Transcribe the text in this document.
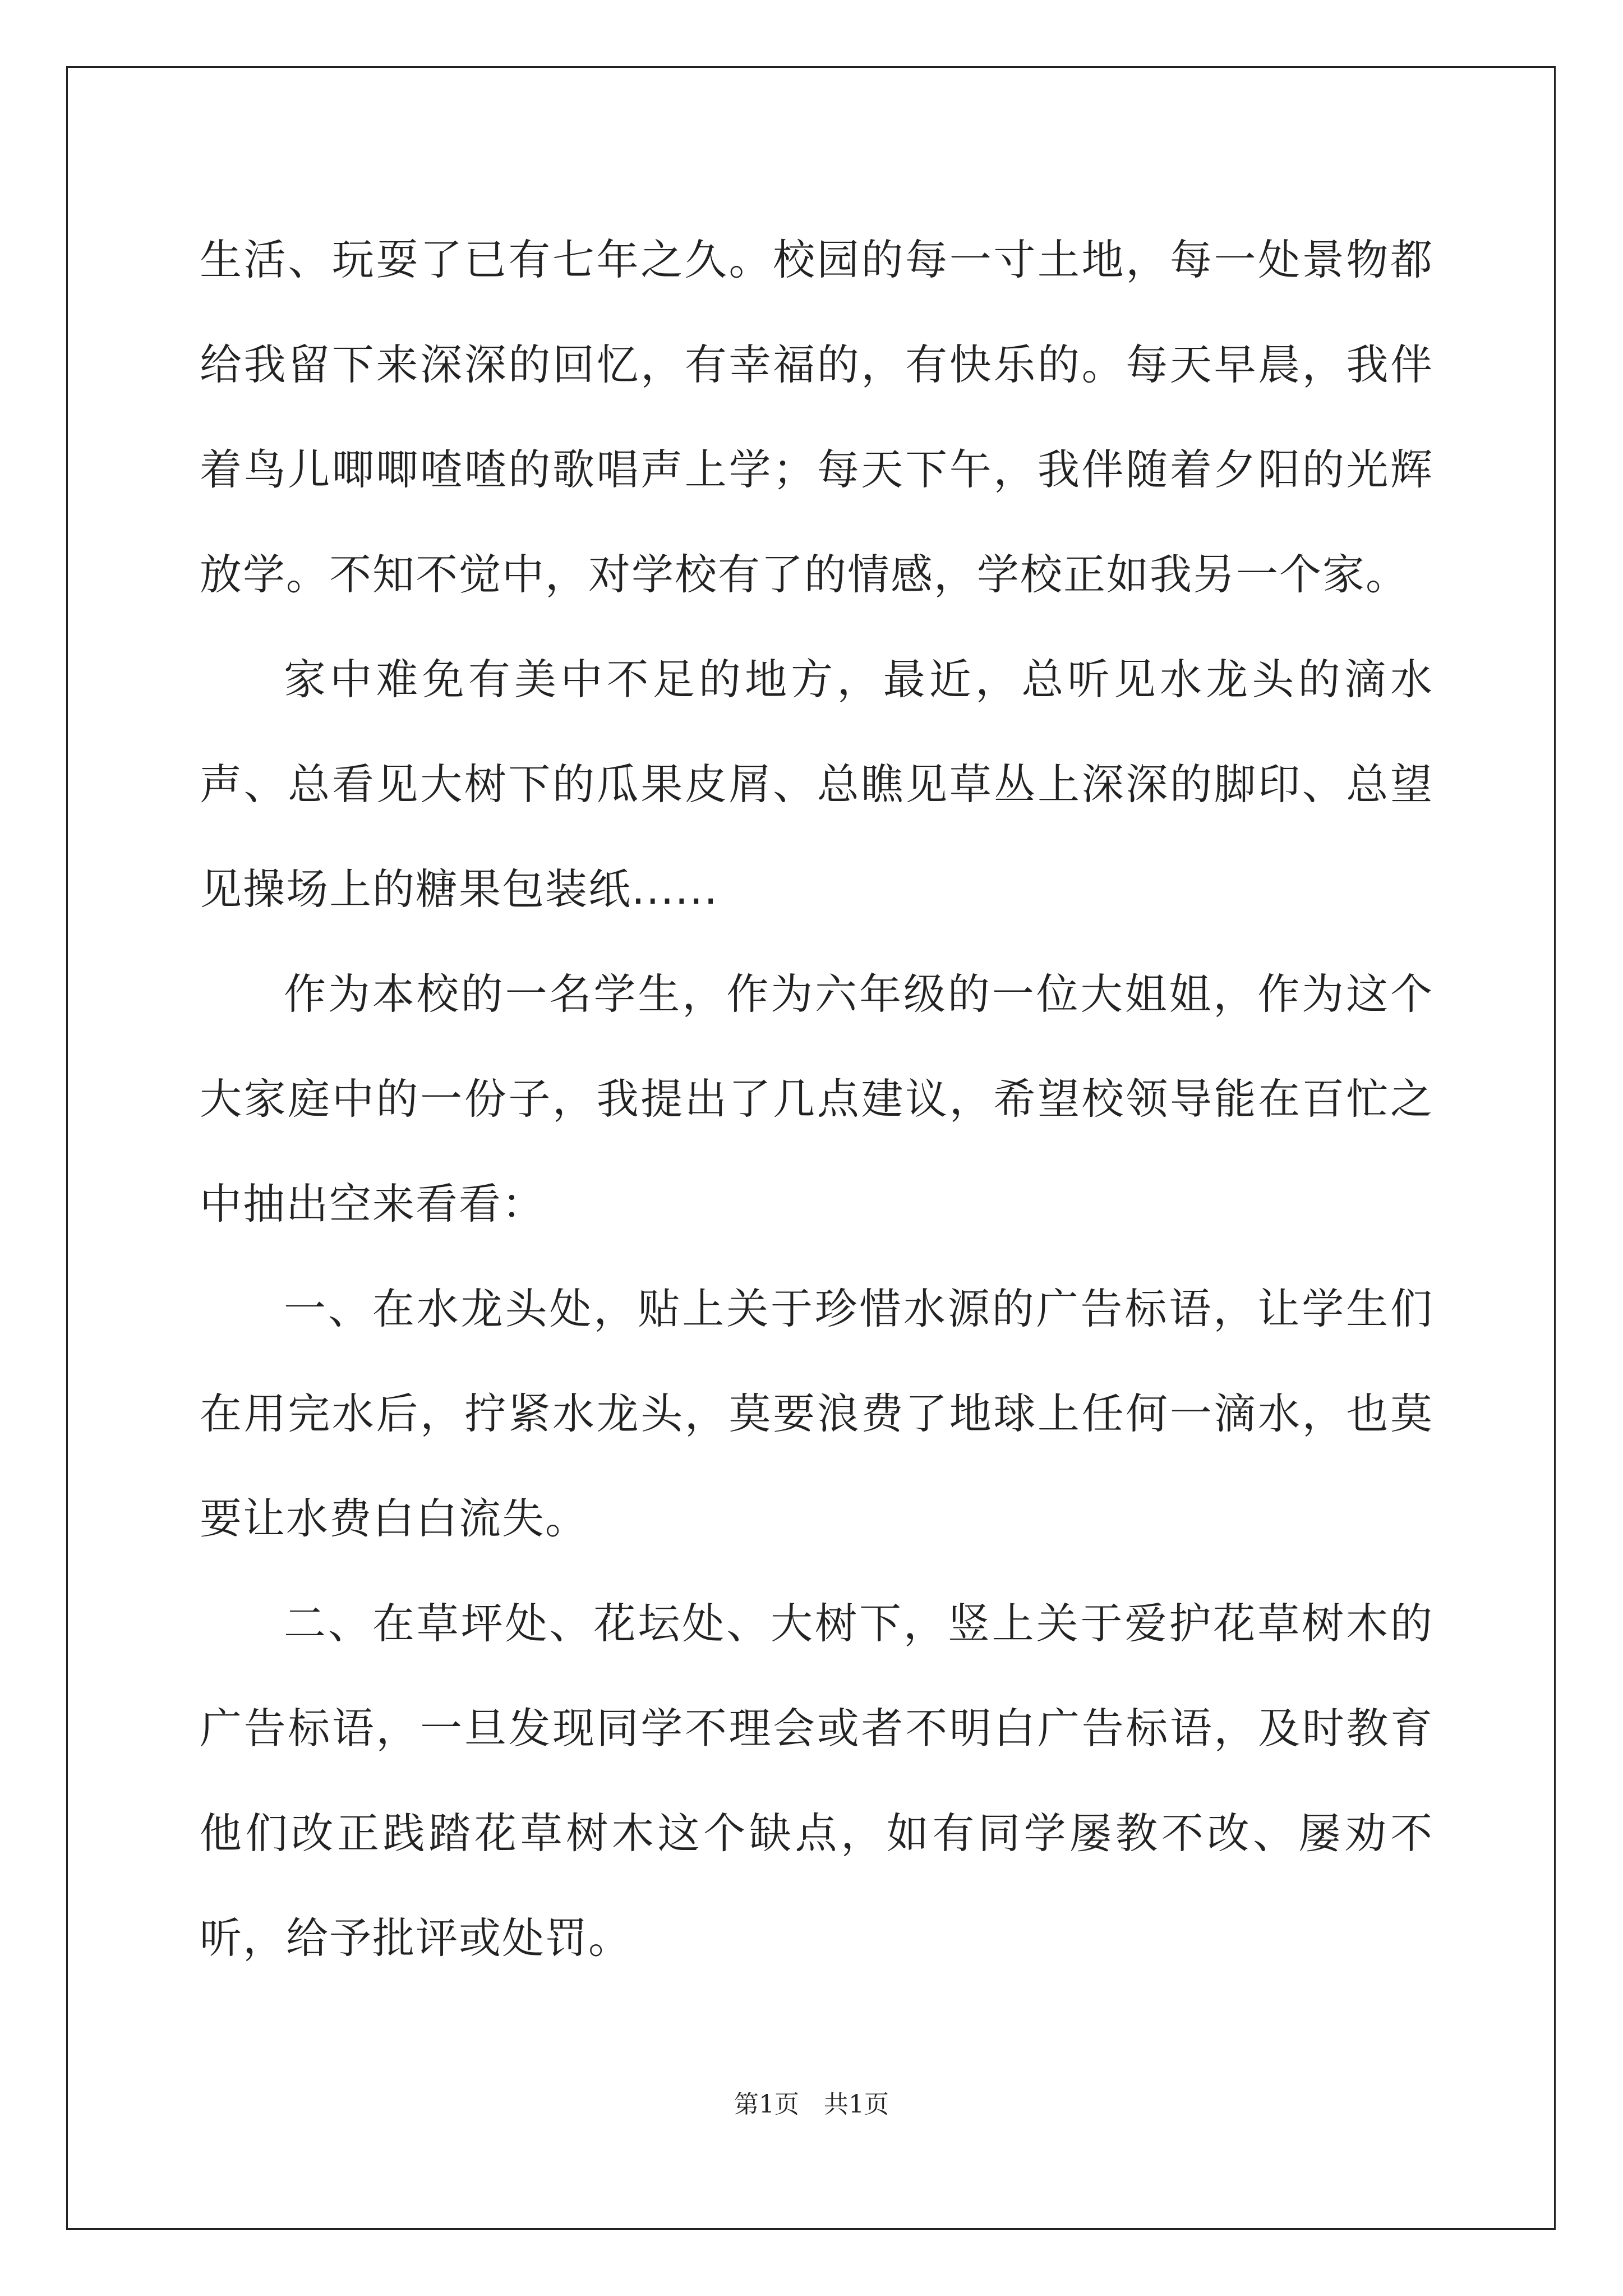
生活、玩耍了已有七年之久。校园的每一寸土地，每一处景物都给我留下来深深的回忆，有幸福的，有快乐的。每天早晨，我伴着鸟儿唧唧喳喳的歌唱声上学；每天下午，我伴随着夕阳的光辉放学。不知不觉中，对学校有了的情感，学校正如我另一个家。

家中难免有美中不足的地方，最近，总听见水龙头的滴水声、总看见大树下的瓜果皮屑、总瞧见草丛上深深的脚印、总望见操场上的糖果包装纸......

作为本校的一名学生，作为六年级的一位大姐姐，作为这个大家庭中的一份子，我提出了几点建议，希望校领导能在百忙之中抽出空来看看：

一、在水龙头处，贴上关于珍惜水源的广告标语，让学生们在用完水后，拧紧水龙头，莫要浪费了地球上任何一滴水，也莫要让水费白白流失。

二、在草坪处、花坛处、大树下，竖上关于爱护花草树木的广告标语，一旦发现同学不理会或者不明白广告标语，及时教育他们改正践踏花草树木这个缺点，如有同学屡教不改、屡劝不听，给予批评或处罚。

第1页　共1页
